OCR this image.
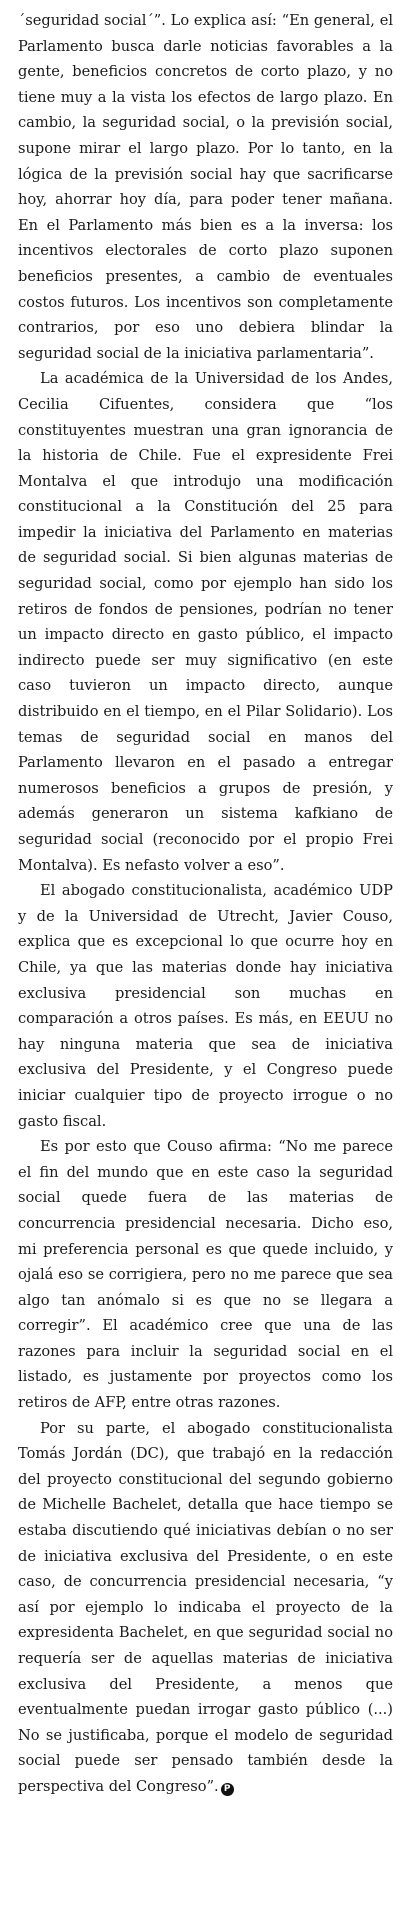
´seguridad social´”. Lo explica así: “En general, el Parlamento busca darle noticias favorables a la gente, beneficios concretos de corto plazo, y no tiene muy a la vista los efectos de largo plazo. En cambio, la seguridad social, o la previsión social, supone mirar el largo plazo. Por lo tanto, en la lógica de la previsión social hay que sacrificarse hoy, ahorrar hoy día, para poder tener mañana. En el Parlamento más bien es a la inversa: los incentivos electorales de corto plazo suponen beneficios presentes, a cambio de eventuales costos futuros. Los incentivos son completamente contrarios, por eso uno debiera blindar la seguridad social de la iniciativa parlamentaria”.

La académica de la Universidad de los Andes, Cecilia Cifuentes, considera que “los constituyentes muestran una gran ignorancia de la historia de Chile. Fue el expresidente Frei Montalva el que introdujo una modificación constitucional a la Constitución del 25 para impedir la iniciativa del Parlamento en materias de seguridad social. Si bien algunas materias de seguridad social, como por ejemplo han sido los retiros de fondos de pensiones, podrían no tener un impacto directo en gasto público, el impacto indirecto puede ser muy significativo (en este caso tuvieron un impacto directo, aunque distribuido en el tiempo, en el Pilar Solidario). Los temas de seguridad social en manos del Parlamento llevaron en el pasado a entregar numerosos beneficios a grupos de presión, y además generaron un sistema kafkiano de seguridad social (reconocido por el propio Frei Montalva). Es nefasto volver a eso”.

El abogado constitucionalista, académico UDP y de la Universidad de Utrecht, Javier Couso, explica que es excepcional lo que ocurre hoy en Chile, ya que las materias donde hay iniciativa exclusiva presidencial son muchas en comparación a otros países. Es más, en EEUU no hay ninguna materia que sea de iniciativa exclusiva del Presidente, y el Congreso puede iniciar cualquier tipo de proyecto irrogue o no gasto fiscal.

Es por esto que Couso afirma: “No me parece el fin del mundo que en este caso la seguridad social quede fuera de las materias de concurrencia presidencial necesaria. Dicho eso, mi preferencia personal es que quede incluido, y ojalá eso se corrigiera, pero no me parece que sea algo tan anómalo si es que no se llegara a corregir”. El académico cree que una de las razones para incluir la seguridad social en el listado, es justamente por proyectos como los retiros de AFP, entre otras razones.

Por su parte, el abogado constitucionalista Tomás Jordán (DC), que trabajó en la redacción del proyecto constitucional del segundo gobierno de Michelle Bachelet, detalla que hace tiempo se estaba discutiendo qué iniciativas debían o no ser de iniciativa exclusiva del Presidente, o en este caso, de concurrencia presidencial necesaria, “y así por ejemplo lo indicaba el proyecto de la expresidenta Bachelet, en que seguridad social no requería ser de aquellas materias de iniciativa exclusiva del Presidente, a menos que eventualmente puedan irrogar gasto público (...) No se justificaba, porque el modelo de seguridad social puede ser pensado también desde la perspectiva del Congreso”. P
